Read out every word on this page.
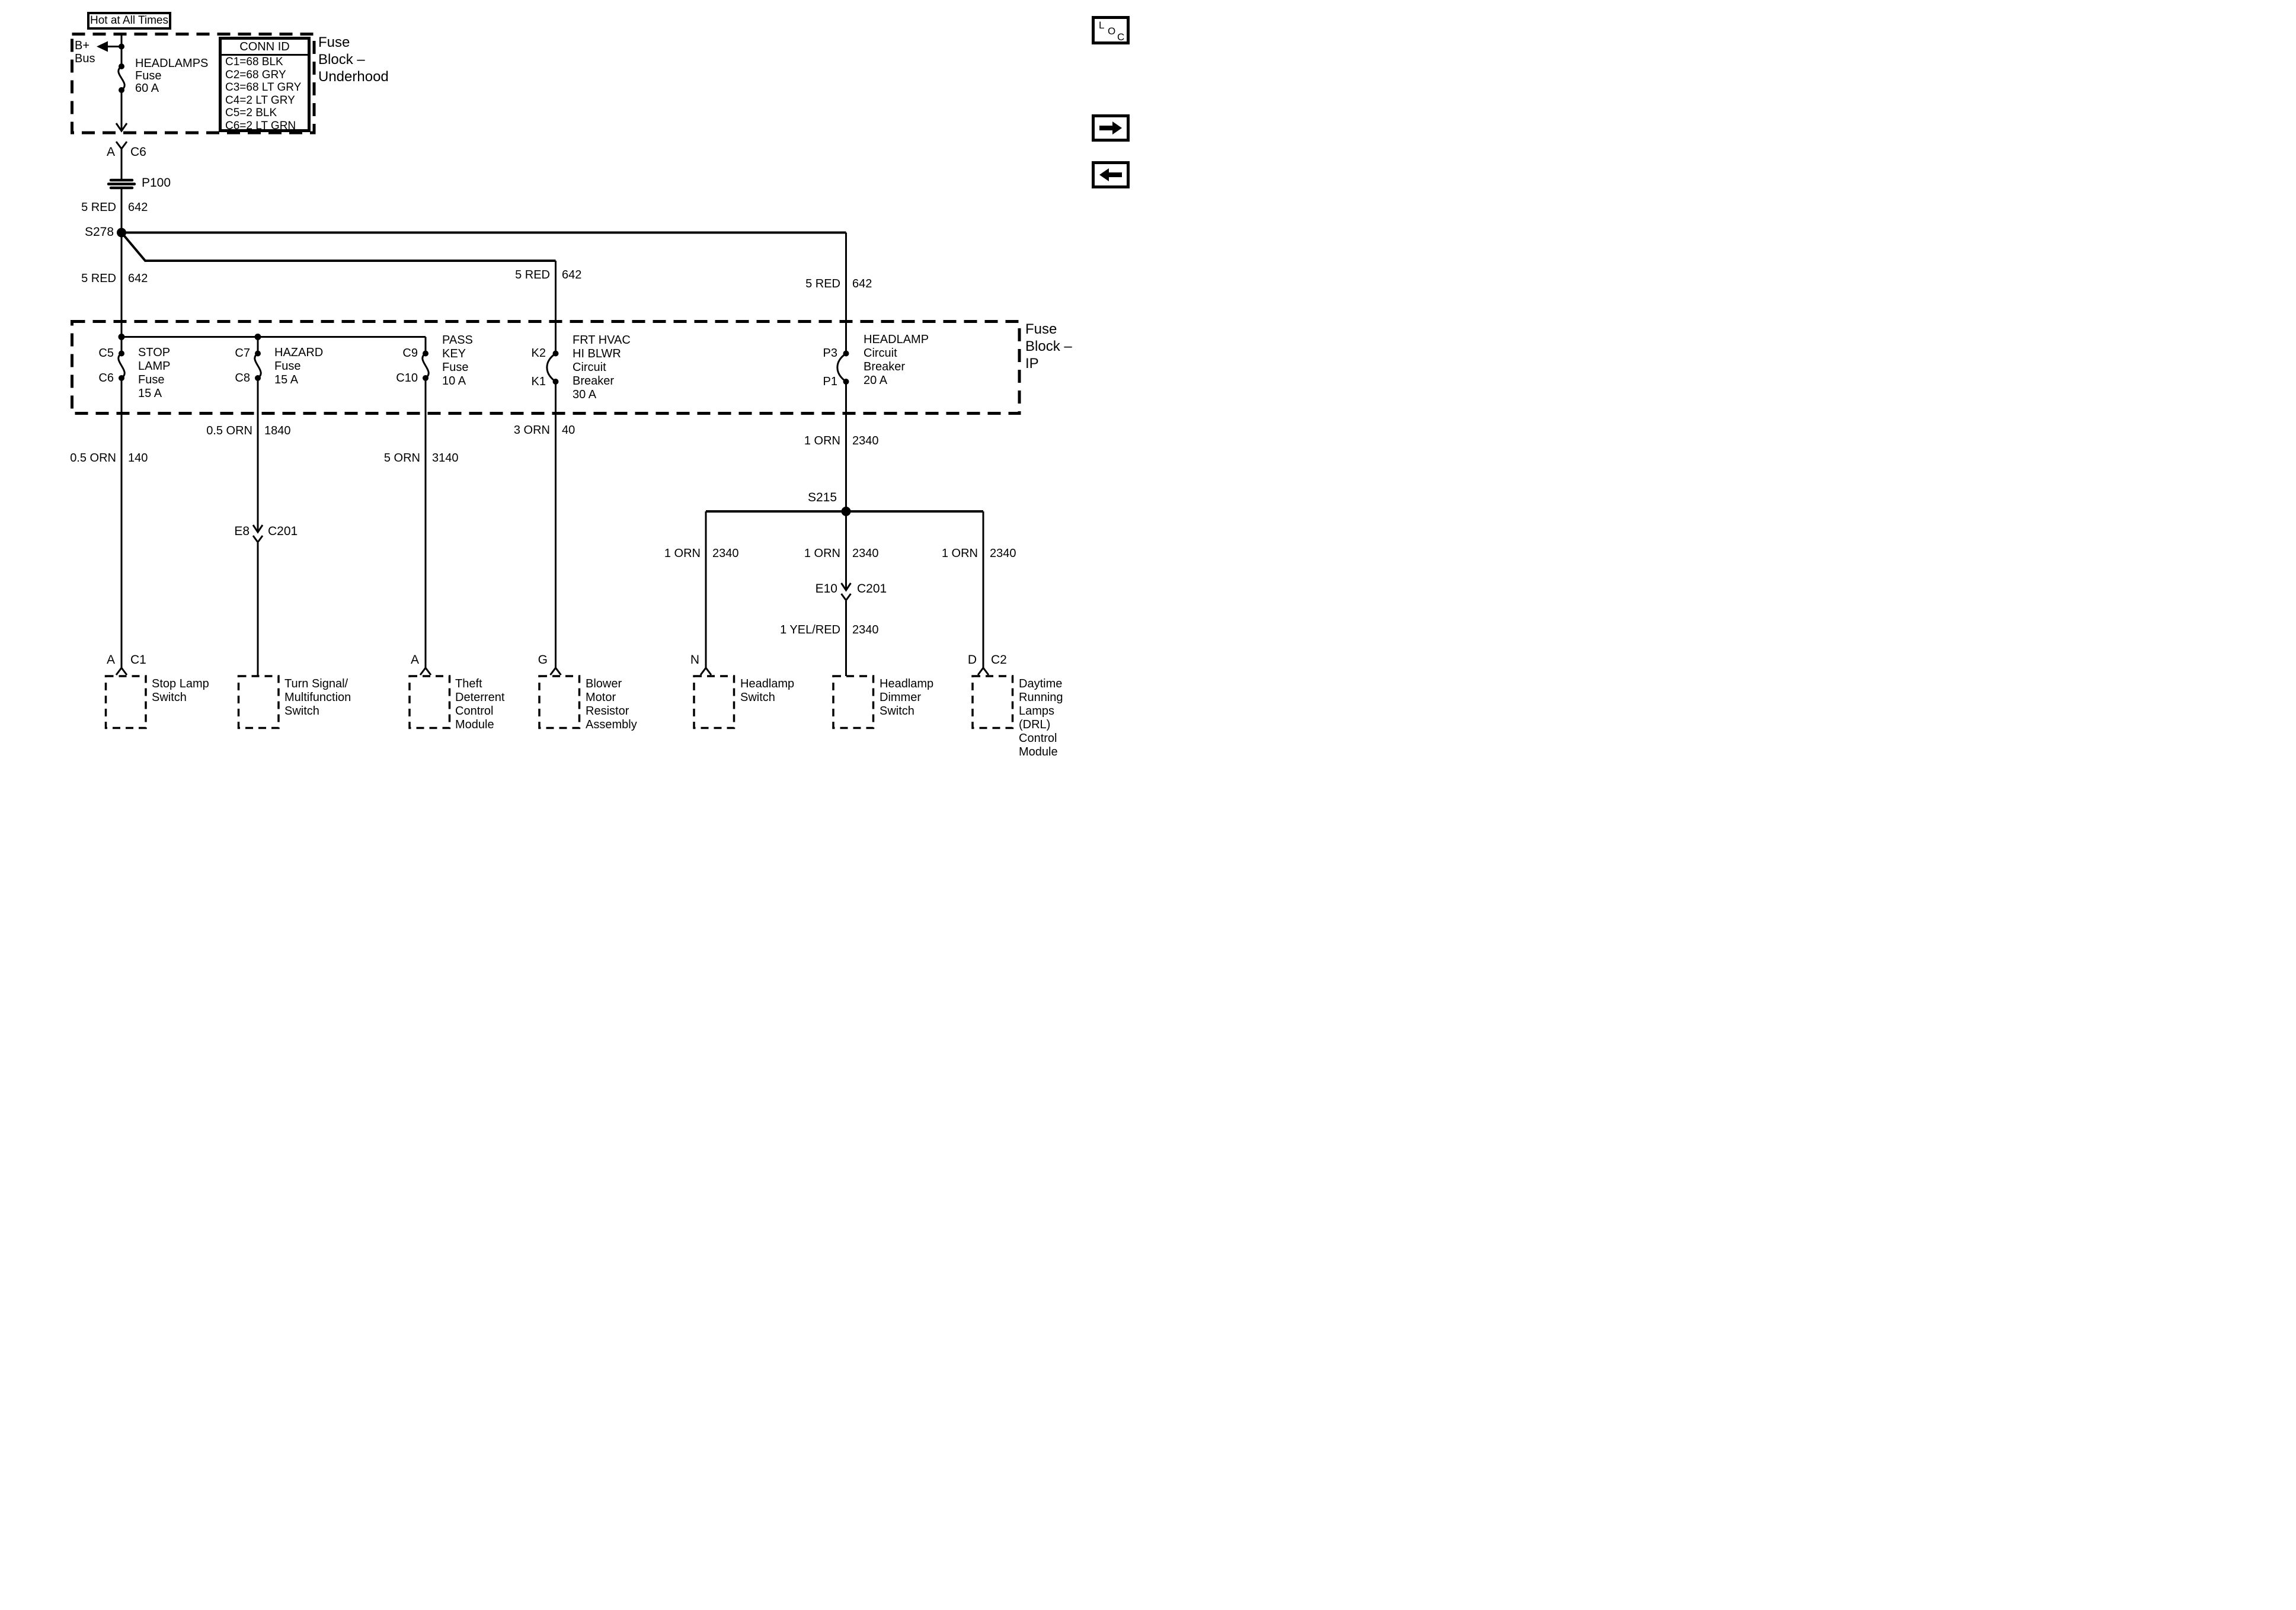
Hot at All Times
B+
Bus	HEADLAMPS
Fuse
60 A
CONN ID
C1=68 BLK
C2=68 GRY
C3=68 LT GRY
C4=2 LT GRY
C5=2 BLK
C6=2 LT GRN
Fuse
Block –
Underhood
Fuse
Block –
IP
A C6
P100
S278
S215
E8 C201
E10 C201
5 RED 642
5 RED 642	5 RED 642
5 RED 642
0.5 ORN 140
0.5 ORN 1840
5 ORN 3140
3 ORN 40
1 ORN 2340
1 ORN 2340	1 ORN 2340	1 ORN 2340
1 YEL/RED 2340
C5
C6
STOP
LAMP
Fuse
15 A
C7
C8
HAZARD
Fuse
15 A
C9
C10
PASS
KEY
Fuse
10 A
K2
K1
FRT HVAC
HI BLWR
Circuit
Breaker
30 A
P3
P1
HEADLAMP
Circuit
Breaker
20 A
A C1	A	G	N	D C2
Stop Lamp
Switch
Turn Signal/
Multifunction
Switch
Theft
Deterrent
Control
Module
Blower
Motor
Resistor
Assembly
Headlamp
Switch
Headlamp
Dimmer
Switch
Daytime
Running
Lamps
(DRL)
Control
Module
L
O
C
